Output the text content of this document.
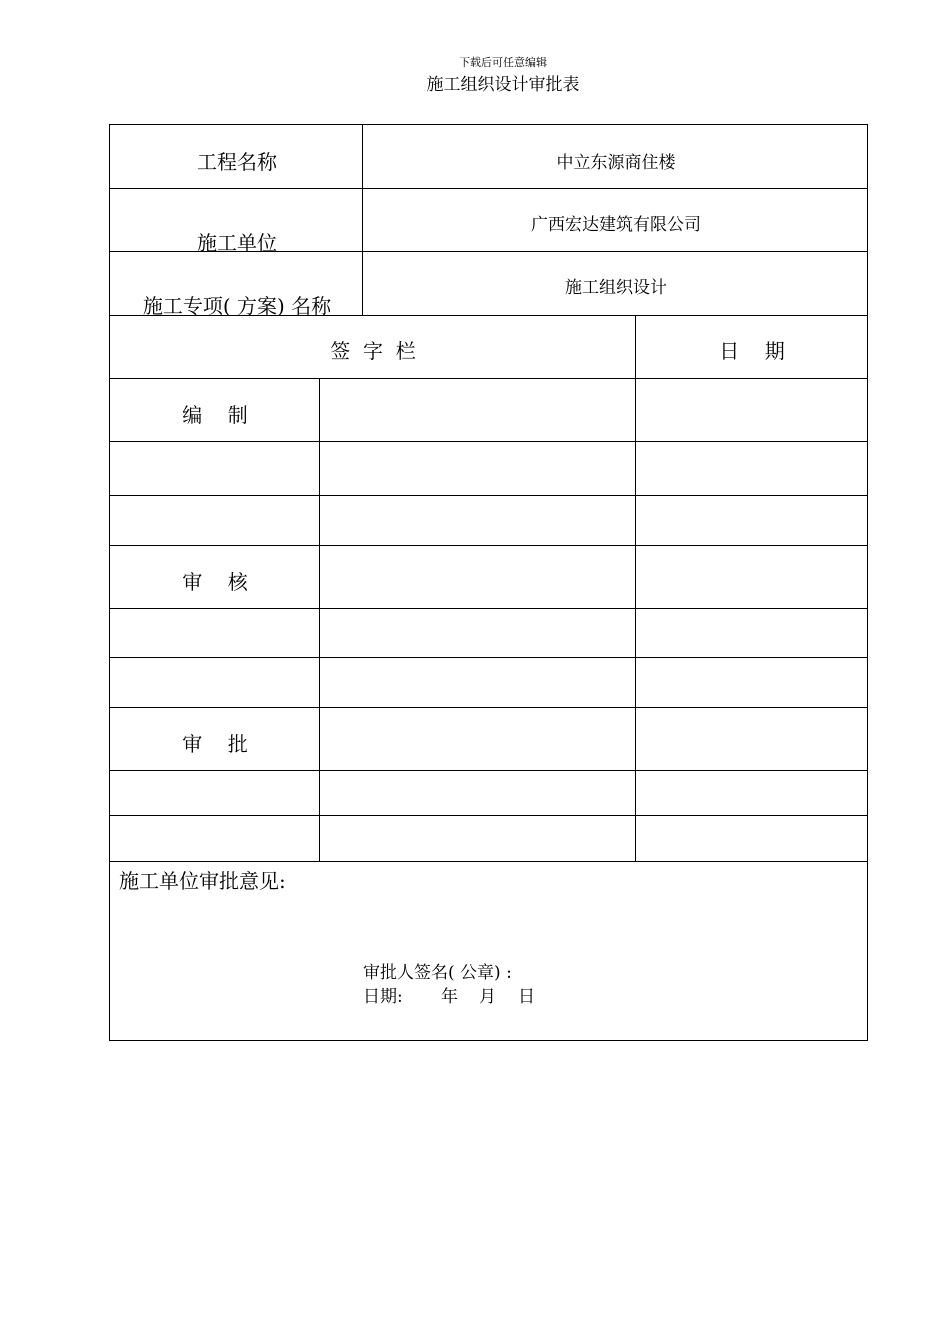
下载后可任意编辑
施工组织设计审批表
工程名称	中立东源商住楼
施工单位
广西宏达建筑有限公司
施工专项( 方案) 名称
施工组织设计
签  字  栏	日    期
编    制
审    核
审    批
施工单位审批意见:
审批人签名( 公章) :
日期: 年 月 日
